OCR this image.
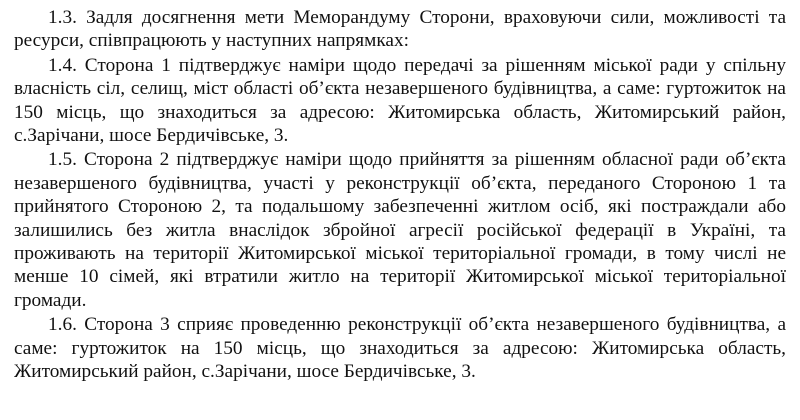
1.3. Задля досягнення мети Меморандуму Сторони, враховуючи сили, можливості та ресурси, співпрацюють у наступних напрямках:

1.4. Сторона 1 підтверджує наміри щодо передачі за рішенням міської ради у спільну власність сіл, селищ, міст області об’єкта незавершеного будівництва, а саме: гуртожиток на 150 місць, що знаходиться за адресою: Житомирська область, Житомирський район, с.Зарічани, шосе Бердичівське, 3.

1.5. Сторона 2 підтверджує наміри щодо прийняття за рішенням обласної ради об’єкта незавершеного будівництва, участі у реконструкції об’єкта, переданого Стороною 1 та прийнятого Стороною 2, та подальшому забезпеченні житлом осіб, які постраждали або залишились без житла внаслідок збройної агресії російської федерації в Україні, та проживають на території Житомирської міської територіальної громади, в тому числі не менше 10 сімей, які втратили житло на території Житомирської міської територіальної громади.

1.6. Сторона 3 сприяє проведенню реконструкції об’єкта незавершеного будівництва, а саме: гуртожиток на 150 місць, що знаходиться за адресою: Житомирська область, Житомирський район, с.Зарічани, шосе Бердичівське, 3.
